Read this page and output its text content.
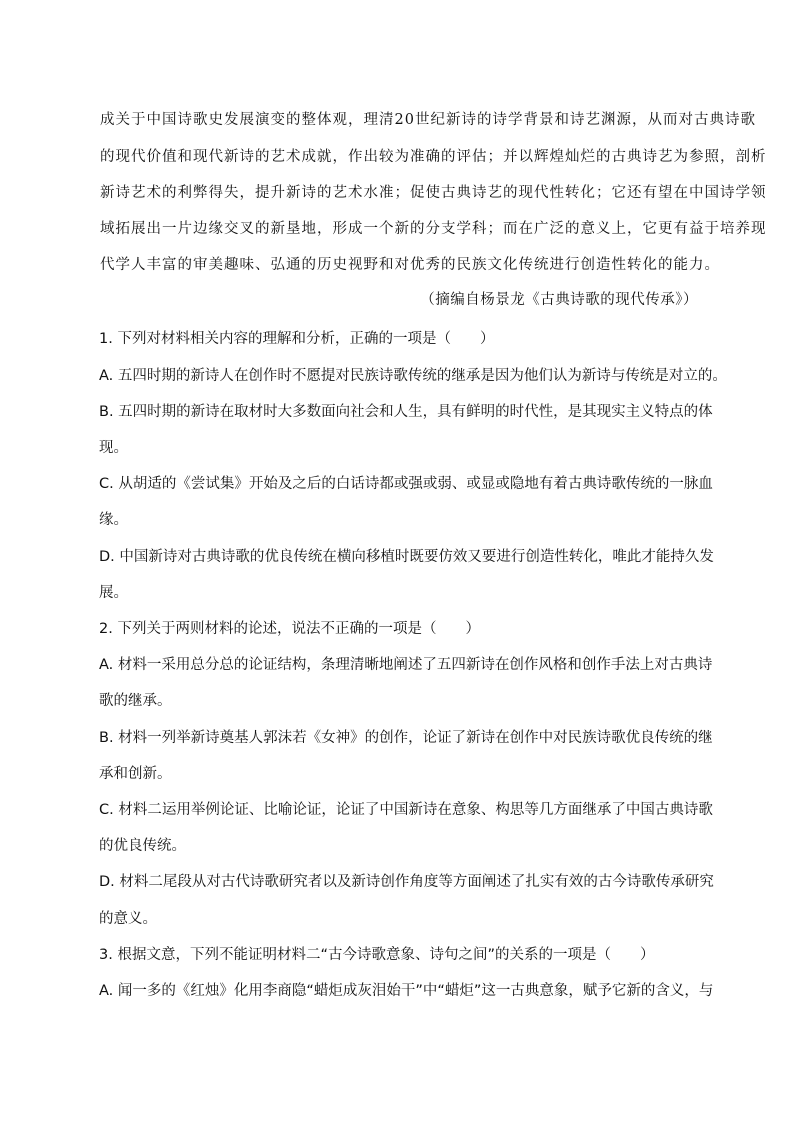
成关于中国诗歌史发展演变的整体观，理清20世纪新诗的诗学背景和诗艺渊源，从而对古典诗歌
的现代价值和现代新诗的艺术成就，作出较为准确的评估；并以辉煌灿烂的古典诗艺为参照，剖析
新诗艺术的利弊得失，提升新诗的艺术水准；促使古典诗艺的现代性转化；它还有望在中国诗学领
域拓展出一片边缘交叉的新垦地，形成一个新的分支学科；而在广泛的意义上，它更有益于培养现
代学人丰富的审美趣味、弘通的历史视野和对优秀的民族文化传统进行创造性转化的能力。
（摘编自杨景龙《古典诗歌的现代传承》）
1. 下列对材料相关内容的理解和分析，正确的一项是（　　）
A. 五四时期的新诗人在创作时不愿提对民族诗歌传统的继承是因为他们认为新诗与传统是对立的。
B. 五四时期的新诗在取材时大多数面向社会和人生，具有鲜明的时代性，是其现实主义特点的体
现。
C. 从胡适的《尝试集》开始及之后的白话诗都或强或弱、或显或隐地有着古典诗歌传统的一脉血
缘。
D. 中国新诗对古典诗歌的优良传统在横向移植时既要仿效又要进行创造性转化，唯此才能持久发
展。
2. 下列关于两则材料的论述，说法不正确的一项是（　　）
A. 材料一采用总分总的论证结构，条理清晰地阐述了五四新诗在创作风格和创作手法上对古典诗
歌的继承。
B. 材料一列举新诗奠基人郭沫若《女神》的创作，论证了新诗在创作中对民族诗歌优良传统的继
承和创新。
C. 材料二运用举例论证、比喻论证，论证了中国新诗在意象、构思等几方面继承了中国古典诗歌
的优良传统。
D. 材料二尾段从对古代诗歌研究者以及新诗创作角度等方面阐述了扎实有效的古今诗歌传承研究
的意义。
3. 根据文意，下列不能证明材料二“古今诗歌意象、诗句之间”的关系的一项是（　　）
A. 闻一多的《红烛》化用李商隐“蜡炬成灰泪始干”中“蜡炬”这一古典意象，赋予它新的含义，与
